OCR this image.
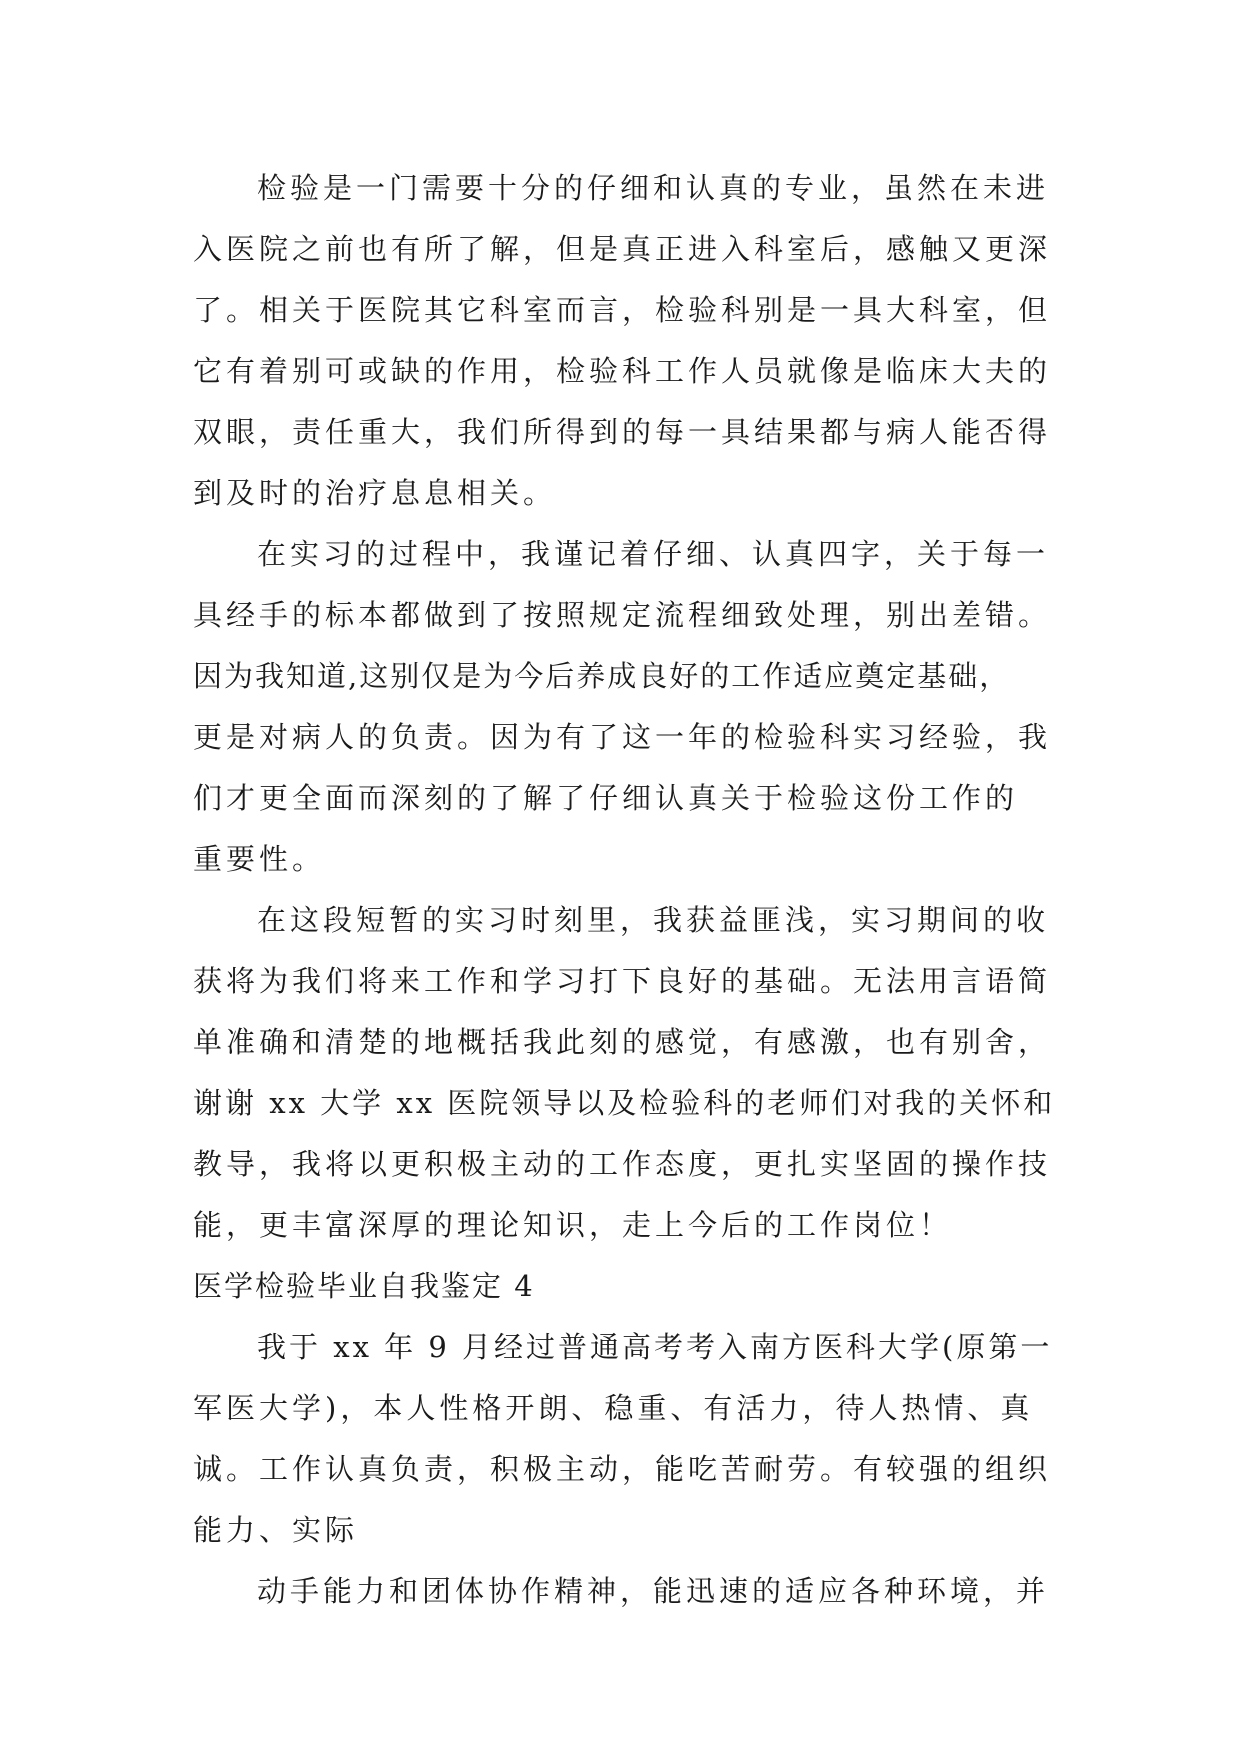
检验是一门需要十分的仔细和认真的专业，虽然在未进
入医院之前也有所了解，但是真正进入科室后，感触又更深
了。相关于医院其它科室而言，检验科别是一具大科室，但
它有着别可或缺的作用，检验科工作人员就像是临床大夫的
双眼，责任重大，我们所得到的每一具结果都与病人能否得
到及时的治疗息息相关。
在实习的过程中，我谨记着仔细、认真四字，关于每一
具经手的标本都做到了按照规定流程细致处理，别出差错。
因为我知道,这别仅是为今后养成良好的工作适应奠定基础，
更是对病人的负责。因为有了这一年的检验科实习经验，我
们才更全面而深刻的了解了仔细认真关于检验这份工作的
重要性。
在这段短暂的实习时刻里，我获益匪浅，实习期间的收
获将为我们将来工作和学习打下良好的基础。无法用言语简
单准确和清楚的地概括我此刻的感觉，有感激，也有别舍，
谢谢 xx 大学 xx 医院领导以及检验科的老师们对我的关怀和
教导，我将以更积极主动的工作态度，更扎实坚固的操作技
能，更丰富深厚的理论知识，走上今后的工作岗位！
医学检验毕业自我鉴定 4
我于 xx 年 9 月经过普通高考考入南方医科大学(原第一
军医大学)，本人性格开朗、稳重、有活力，待人热情、真
诚。工作认真负责，积极主动，能吃苦耐劳。有较强的组织
能力、实际
动手能力和团体协作精神，能迅速的适应各种环境，并
